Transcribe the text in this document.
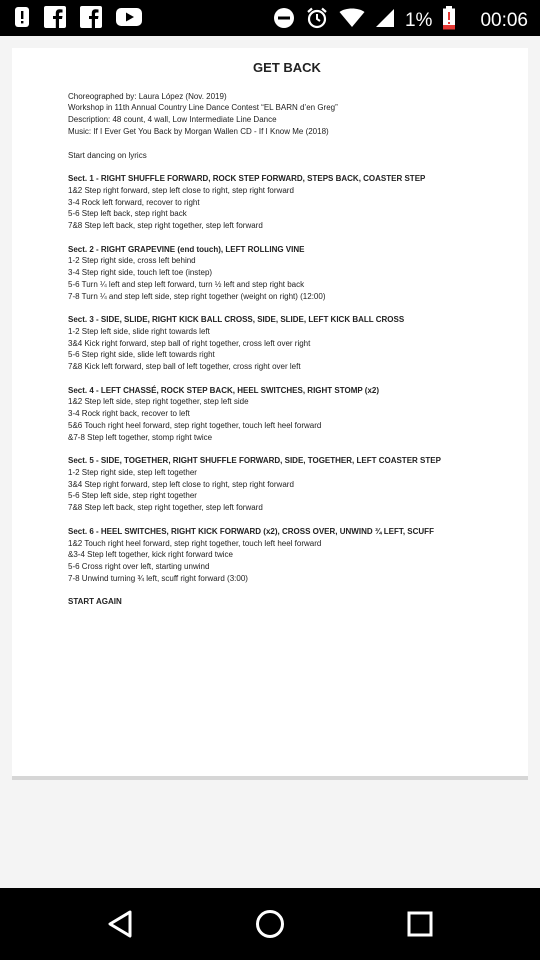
1%	00:06
GET BACK
Choreographed by: Laura López (Nov. 2019)
Workshop in 11th Annual Country Line Dance Contest “EL BARN d’en Greg”
Description: 48 count, 4 wall, Low Intermediate Line Dance
Music: If I Ever Get You Back by Morgan Wallen CD - If I Know Me (2018)
Start dancing on lyrics
Sect. 1 - RIGHT SHUFFLE FORWARD, ROCK STEP FORWARD, STEPS BACK, COASTER STEP
1&2 Step right forward, step left close to right, step right forward
3-4 Rock left forward, recover to right
5-6 Step left back, step right back
7&8 Step left back, step right together, step left forward
Sect. 2 - RIGHT GRAPEVINE (end touch), LEFT ROLLING VINE
1-2 Step right side, cross left behind
3-4 Step right side, touch left toe (instep)
5-6 Turn ¼ left and step left forward, turn ½ left and step right back
7-8 Turn ¼ and step left side, step right together (weight on right) (12:00)
Sect. 3 - SIDE, SLIDE, RIGHT KICK BALL CROSS, SIDE, SLIDE, LEFT KICK BALL CROSS
1-2 Step left side, slide right towards left
3&4 Kick right forward, step ball of right together, cross left over right
5-6 Step right side, slide left towards right
7&8 Kick left forward, step ball of left together, cross right over left
Sect. 4 - LEFT CHASSÉ, ROCK STEP BACK, HEEL SWITCHES, RIGHT STOMP (x2)
1&2 Step left side, step right together, step left side
3-4 Rock right back, recover to left
5&6 Touch right heel forward, step right together, touch left heel forward
&7-8 Step left together, stomp right twice
Sect. 5 - SIDE, TOGETHER, RIGHT SHUFFLE FORWARD, SIDE, TOGETHER, LEFT COASTER STEP
1-2 Step right side, step left together
3&4 Step right forward, step left close to right, step right forward
5-6 Step left side, step right together
7&8 Step left back, step right together, step left forward
Sect. 6 - HEEL SWITCHES, RIGHT KICK FORWARD (x2), CROSS OVER, UNWIND ¾ LEFT, SCUFF
1&2 Touch right heel forward, step right together, touch left heel forward
&3-4 Step left together, kick right forward twice
5-6 Cross right over left, starting unwind
7-8 Unwind turning ¾ left, scuff right forward (3:00)
START AGAIN
